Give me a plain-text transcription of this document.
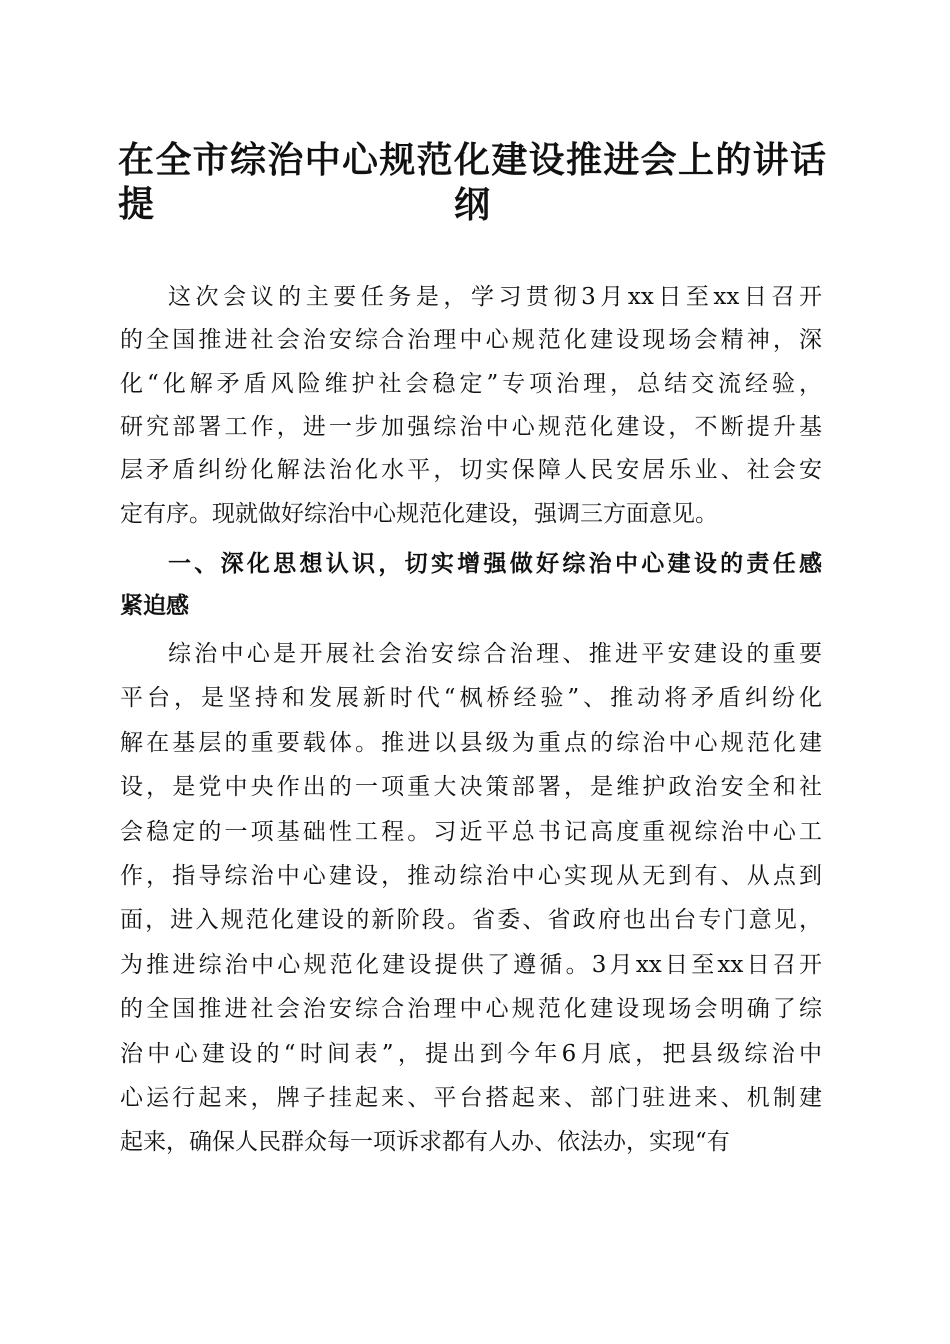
在全市综治中心规范化建设推进会上的讲话提	纲
这次会议的主要任务是，学习贯彻3月xx日至xx日召开
的全国推进社会治安综合治理中心规范化建设现场会精神，深
化“化解矛盾风险维护社会稳定”专项治理，总结交流经验，
研究部署工作，进一步加强综治中心规范化建设，不断提升基
层矛盾纠纷化解法治化水平，切实保障人民安居乐业、社会安
定有序。现就做好综治中心规范化建设，强调三方面意见。
一、深化思想认识，切实增强做好综治中心建设的责任感
紧迫感
综治中心是开展社会治安综合治理、推进平安建设的重要
平台，是坚持和发展新时代“枫桥经验”、推动将矛盾纠纷化
解在基层的重要载体。推进以县级为重点的综治中心规范化建
设，是党中央作出的一项重大决策部署，是维护政治安全和社
会稳定的一项基础性工程。习近平总书记高度重视综治中心工
作，指导综治中心建设，推动综治中心实现从无到有、从点到
面，进入规范化建设的新阶段。省委、省政府也出台专门意见，
为推进综治中心规范化建设提供了遵循。3月xx日至xx日召开
的全国推进社会治安综合治理中心规范化建设现场会明确了综
治中心建设的“时间表”，提出到今年6月底，把县级综治中
心运行起来，牌子挂起来、平台搭起来、部门驻进来、机制建
起来，确保人民群众每一项诉求都有人办、依法办，实现“有
